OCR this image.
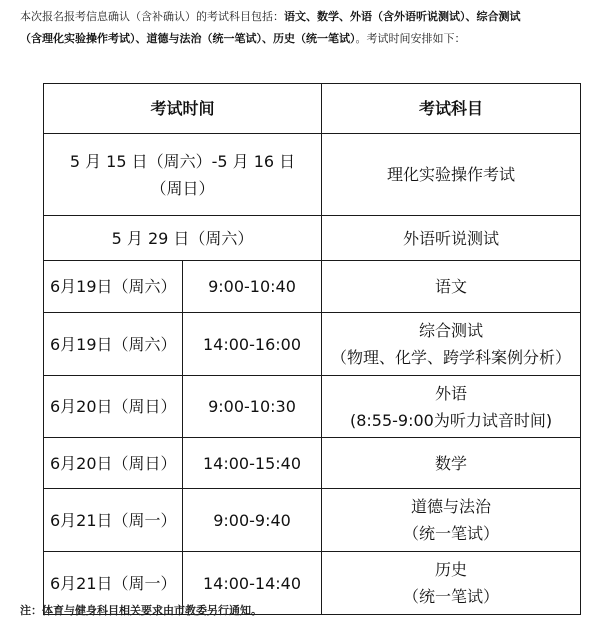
本次报名报考信息确认（含补确认）的考试科目包括：语文、数学、外语（含外语听说测试）、综合测试
（含理化实验操作考试）、道德与法治（统一笔试）、历史（统一笔试）。考试时间安排如下：
考试时间		考试科目
5 月 15 日（周六）-5 月 16 日（周日）		理化实验操作考试
5 月 29 日（周六）		外语听说测试
6月19日（周六）	9:00-10:40	语文
6月19日（周六）	14:00-16:00	综合测试
（物理、化学、跨学科案例分析）
6月20日（周日）	9:00-10:30	外语
(8:55-9:00为听力试音时间)
6月20日（周日）	14:00-15:40	数学
6月21日（周一）	9:00-9:40	道德与法治
（统一笔试）
6月21日（周一）	14:00-14:40	历史
（统一笔试）
注：体育与健身科目相关要求由市教委另行通知。
